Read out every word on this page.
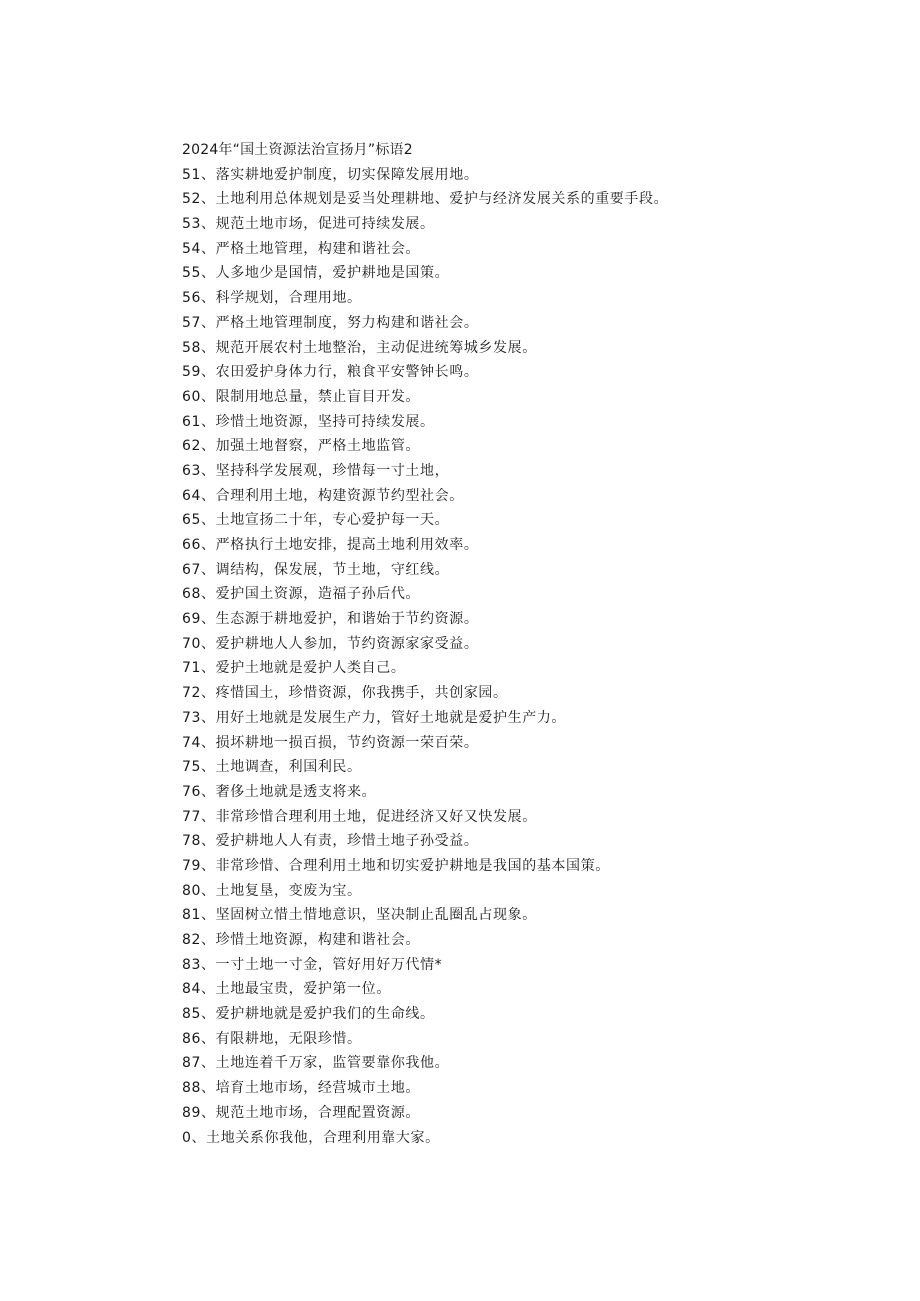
2024年“国土资源法治宣扬月”标语2
51、落实耕地爱护制度，切实保障发展用地。
52、土地利用总体规划是妥当处理耕地、爱护与经济发展关系的重要手段。
53、规范土地市场，促进可持续发展。
54、严格土地管理，构建和谐社会。
55、人多地少是国情，爱护耕地是国策。
56、科学规划，合理用地。
57、严格土地管理制度，努力构建和谐社会。
58、规范开展农村土地整治，主动促进统筹城乡发展。
59、农田爱护身体力行，粮食平安警钟长鸣。
60、限制用地总量，禁止盲目开发。
61、珍惜土地资源，坚持可持续发展。
62、加强土地督察，严格土地监管。
63、坚持科学发展观，珍惜每一寸土地，
64、合理利用土地，构建资源节约型社会。
65、土地宣扬二十年，专心爱护每一天。
66、严格执行土地安排，提高土地利用效率。
67、调结构，保发展，节土地，守红线。
68、爱护国土资源，造福子孙后代。
69、生态源于耕地爱护，和谐始于节约资源。
70、爱护耕地人人参加，节约资源家家受益。
71、爱护土地就是爱护人类自己。
72、疼惜国土，珍惜资源，你我携手，共创家园。
73、用好土地就是发展生产力，管好土地就是爱护生产力。
74、损坏耕地一损百损，节约资源一荣百荣。
75、土地调查，利国利民。
76、奢侈土地就是透支将来。
77、非常珍惜合理利用土地，促进经济又好又快发展。
78、爱护耕地人人有责，珍惜土地子孙受益。
79、非常珍惜、合理利用土地和切实爱护耕地是我国的基本国策。
80、土地复垦，变废为宝。
81、坚固树立惜土惜地意识，坚决制止乱圈乱占现象。
82、珍惜土地资源，构建和谐社会。
83、一寸土地一寸金，管好用好万代情*
84、土地最宝贵，爱护第一位。
85、爱护耕地就是爱护我们的生命线。
86、有限耕地，无限珍惜。
87、土地连着千万家，监管要靠你我他。
88、培育土地市场，经营城市土地。
89、规范土地市场，合理配置资源。
0、土地关系你我他，合理利用靠大家。
